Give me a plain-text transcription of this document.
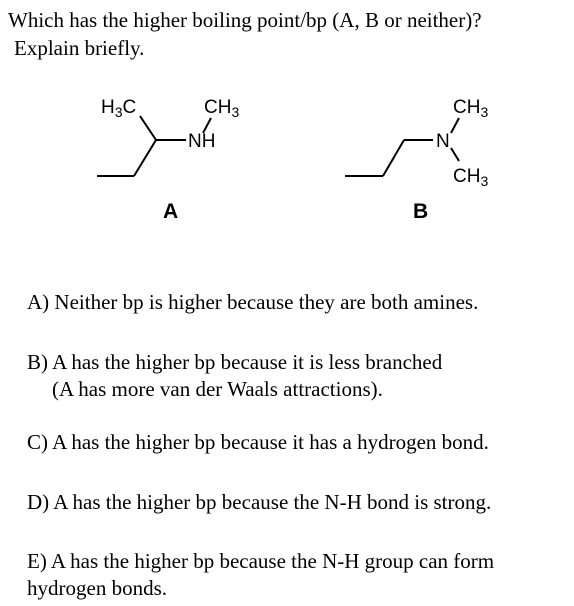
Which has the higher boiling point/bp (A, B or neither)?
Explain briefly.
$H_3C$	$CH_3$
NH
A
$CH_3$
N
$CH_3$
B
A) Neither bp is higher because they are both amines.
B) A has the higher bp because it is less branched
(A has more van der Waals attractions).
C) A has the higher bp because it has a hydrogen bond.
D) A has the higher bp because the N-H bond is strong.
E) A has the higher bp because the N-H group can form
hydrogen bonds.
